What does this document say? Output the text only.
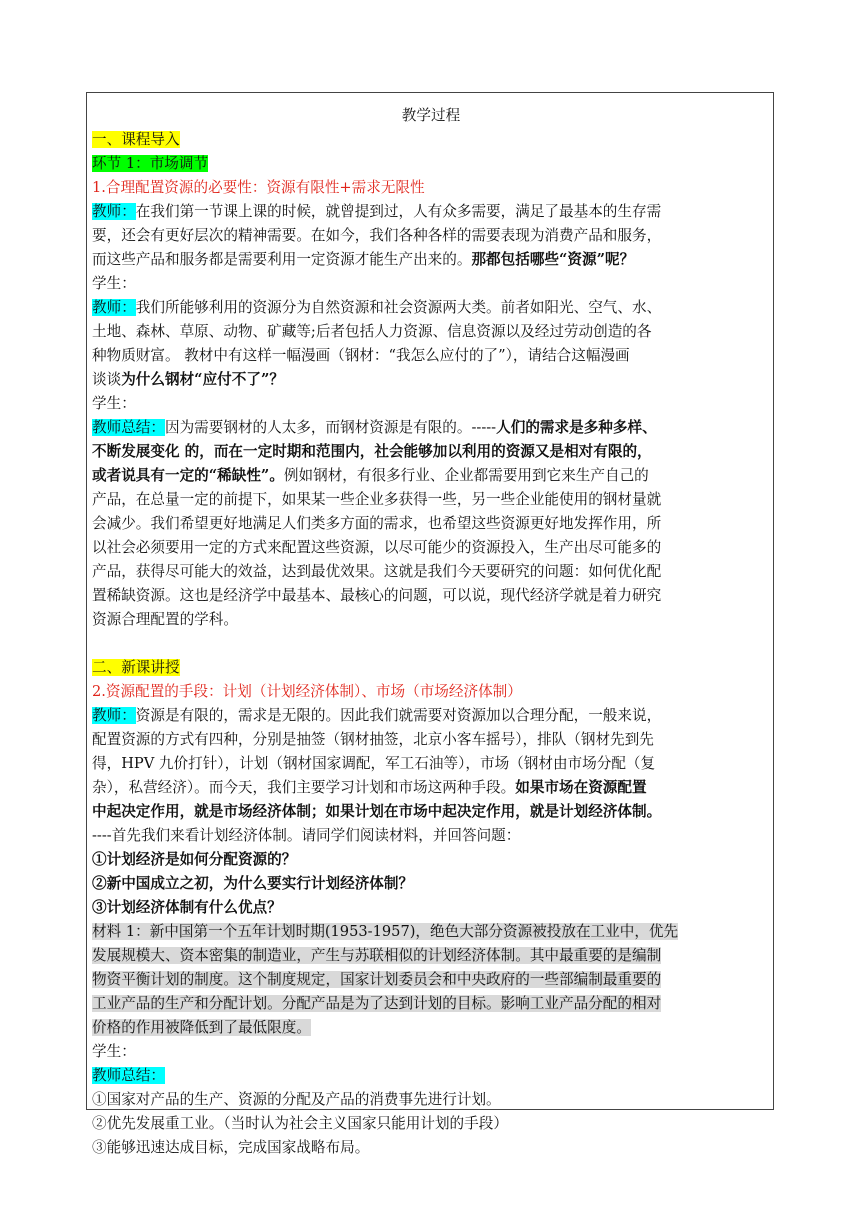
教学过程
一、课程导入
环节 1：市场调节
1.合理配置资源的必要性：资源有限性+需求无限性
教师：在我们第一节课上课的时候，就曾提到过，人有众多需要，满足了最基本的生存需
要，还会有更好层次的精神需要。在如今，我们各种各样的需要表现为消费产品和服务，
而这些产品和服务都是需要利用一定资源才能生产出来的。那都包括哪些“资源”呢？
学生：
教师：我们所能够利用的资源分为自然资源和社会资源两大类。前者如阳光、空气、水、
土地、森林、草原、动物、矿藏等;后者包括人力资源、信息资源以及经过劳动创造的各
种物质财富。 教材中有这样一幅漫画（钢材：“我怎么应付的了”），请结合这幅漫画
谈谈为什么钢材“应付不了”？
学生：
教师总结：因为需要钢材的人太多，而钢材资源是有限的。-----人们的需求是多种多样、
不断发展变化 的，而在一定时期和范围内，社会能够加以利用的资源又是相对有限的，
或者说具有一定的“稀缺性”。例如钢材，有很多行业、企业都需要用到它来生产自己的
产品，在总量一定的前提下，如果某一些企业多获得一些，另一些企业能使用的钢材量就
会减少。我们希望更好地满足人们类多方面的需求，也希望这些资源更好地发挥作用，所
以社会必须要用一定的方式来配置这些资源，以尽可能少的资源投入，生产出尽可能多的
产品，获得尽可能大的效益，达到最优效果。这就是我们今天要研究的问题：如何优化配
置稀缺资源。这也是经济学中最基本、最核心的问题，可以说，现代经济学就是着力研究
资源合理配置的学科。
二、新课讲授
2.资源配置的手段：计划（计划经济体制）、市场（市场经济体制）
教师：资源是有限的，需求是无限的。因此我们就需要对资源加以合理分配，一般来说，
配置资源的方式有四种，分别是抽签（钢材抽签，北京小客车摇号），排队（钢材先到先
得，HPV 九价打针），计划（钢材国家调配，军工石油等），市场（钢材由市场分配（复
杂），私营经济）。而今天，我们主要学习计划和市场这两种手段。如果市场在资源配置
中起决定作用，就是市场经济体制；如果计划在市场中起决定作用，就是计划经济体制。
----首先我们来看计划经济体制。请同学们阅读材料，并回答问题：
①计划经济是如何分配资源的？
②新中国成立之初，为什么要实行计划经济体制？
③计划经济体制有什么优点？
材料 1：新中国第一个五年计划时期(1953-1957)，绝色大部分资源被投放在工业中，优先
发展规模大、资本密集的制造业，产生与苏联相似的计划经济体制。其中最重要的是编制
物资平衡计划的制度。这个制度规定，国家计划委员会和中央政府的一些部编制最重要的
工业产品的生产和分配计划。分配产品是为了达到计划的目标。影响工业产品分配的相对
价格的作用被降低到了最低限度。
学生：
教师总结：
①国家对产品的生产、资源的分配及产品的消费事先进行计划。
②优先发展重工业。（当时认为社会主义国家只能用计划的手段）
③能够迅速达成目标，完成国家战略布局。
